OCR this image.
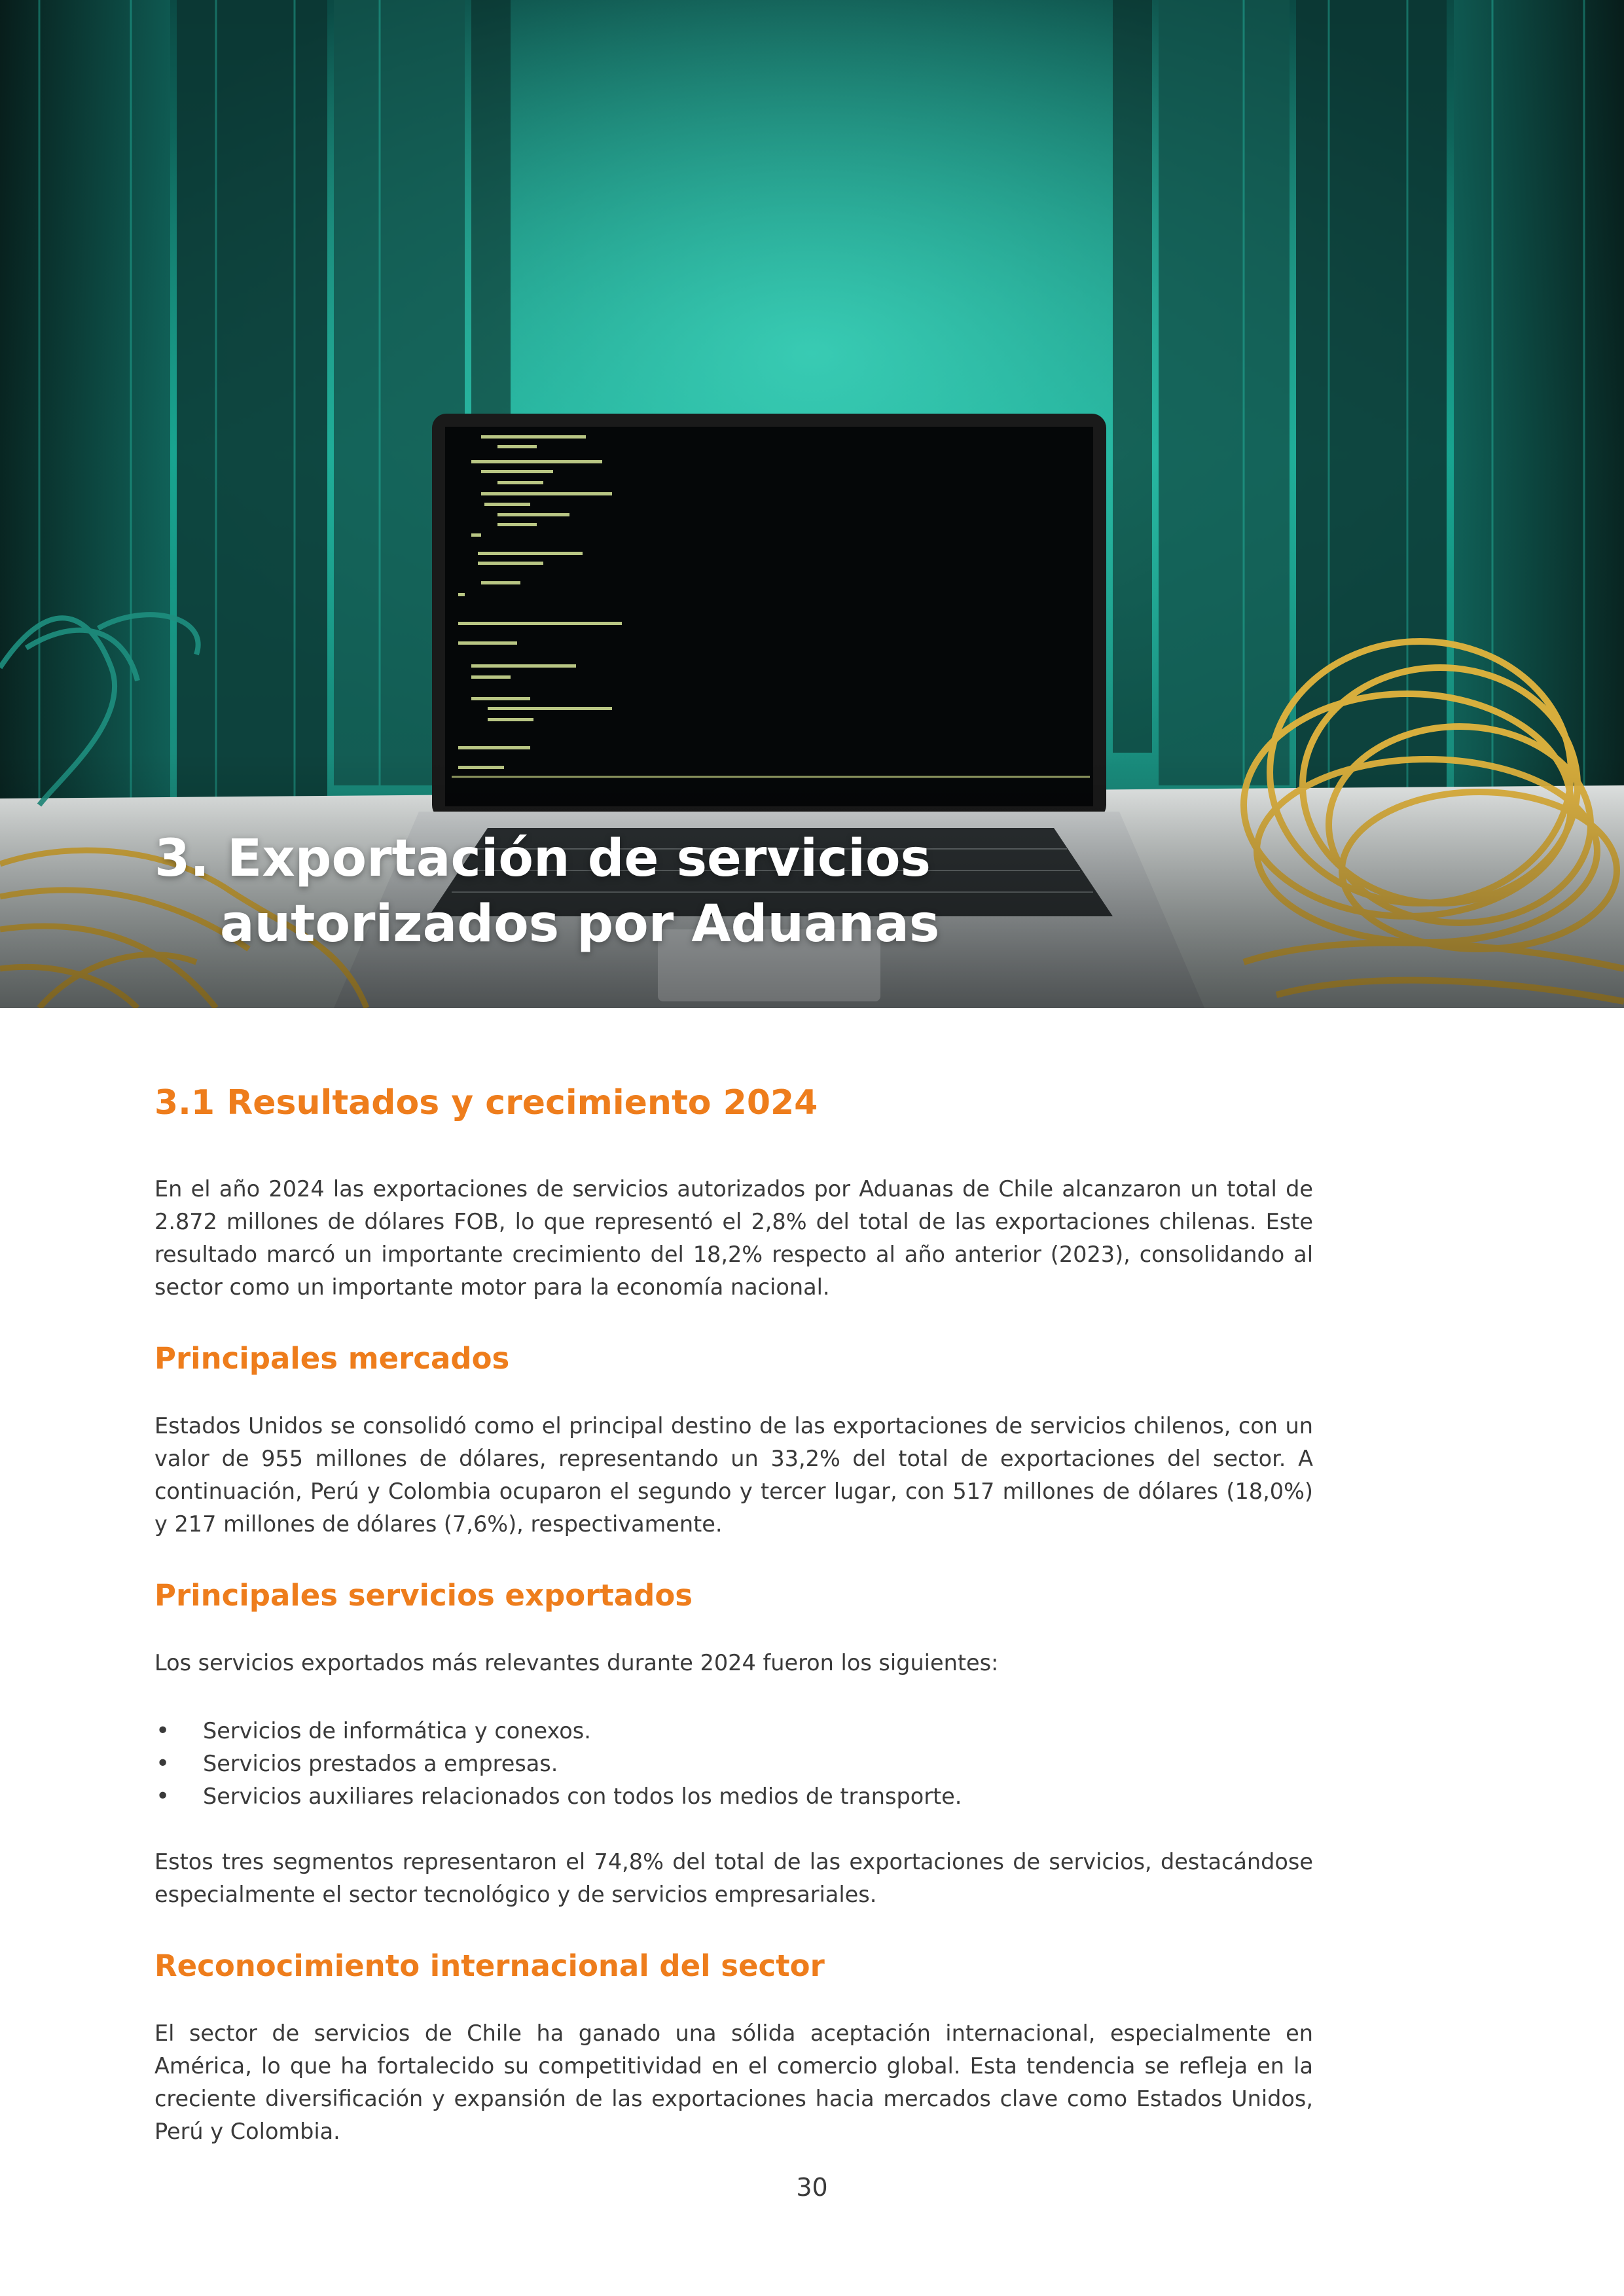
3. Exportación de servicios
autorizados por Aduanas
3.1 Resultados y crecimiento 2024

En el año 2024 las exportaciones de servicios autorizados por Aduanas de Chile alcanzaron un total de 2.872 millones de dólares FOB, lo que representó el 2,8% del total de las exportaciones chilenas. Este resultado marcó un importante crecimiento del 18,2% respecto al año anterior (2023), consolidando al sector como un importante motor para la economía nacional.

Principales mercados

Estados Unidos se consolidó como el principal destino de las exportaciones de servicios chilenos, con un valor de 955 millones de dólares, representando un 33,2% del total de exportaciones del sector. A continuación, Perú y Colombia ocuparon el segundo y tercer lugar, con 517 millones de dólares (18,0%) y 217 millones de dólares (7,6%), respectivamente.

Principales servicios exportados

Los servicios exportados más relevantes durante 2024 fueron los siguientes:

• Servicios de informática y conexos.
• Servicios prestados a empresas.
• Servicios auxiliares relacionados con todos los medios de transporte.

Estos tres segmentos representaron el 74,8% del total de las exportaciones de servicios, destacándose especialmente el sector tecnológico y de servicios empresariales.

Reconocimiento internacional del sector

El sector de servicios de Chile ha ganado una sólida aceptación internacional, especialmente en América, lo que ha fortalecido su competitividad en el comercio global. Esta tendencia se refleja en la creciente diversificación y expansión de las exportaciones hacia mercados clave como Estados Unidos, Perú y Colombia.

30
